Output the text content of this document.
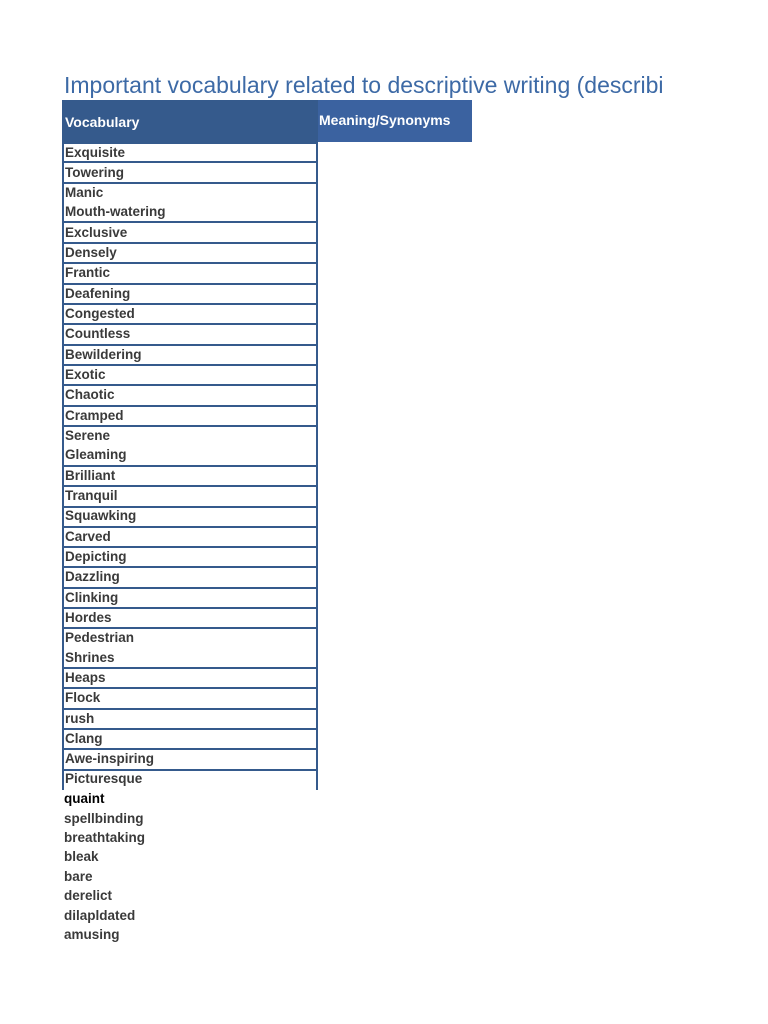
Important vocabulary related to descriptive writing (describi
Vocabulary	Meaning/Synonyms
Exquisite
Towering
Manic
Mouth-watering
Exclusive
Densely
Frantic
Deafening
Congested
Countless
Bewildering
Exotic
Chaotic
Cramped
Serene
Gleaming
Brilliant
Tranquil
Squawking
Carved
Depicting
Dazzling
Clinking
Hordes
Pedestrian
Shrines
Heaps
Flock
rush
Clang
Awe-inspiring
Picturesque
quaint
spellbinding
breathtaking
bleak
bare
derelict
dilapldated
amusing
